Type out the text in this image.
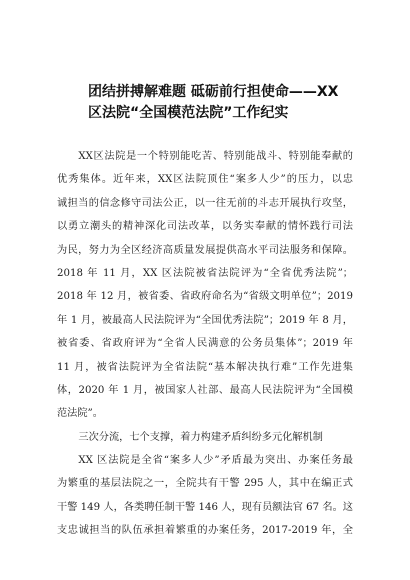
团结拼搏解难题 砥砺前行担使命——XX
区法院“全国模范法院”工作纪实
XX区法院是一个特别能吃苦、特别能战斗、特别能奉献的
优秀集体。近年来，XX区法院顶住“案多人少”的压力，以忠
诚担当的信念修守司法公正，以一往无前的斗志开展执行攻坚，
以勇立潮头的精神深化司法改革，以务实奉献的情怀践行司法
为民，努力为全区经济高质量发展提供高水平司法服务和保障。
2018 年 11 月，XX 区法院被省法院评为“全省优秀法院”；
2018 年 12 月，被省委、省政府命名为“省级文明单位”；2019
年 1 月，被最高人民法院评为“全国优秀法院”；2019 年 8 月，
被省委、省政府评为“全省人民满意的公务员集体”；2019 年
11 月，被省法院评为全省法院“基本解决执行难”工作先进集
体，2020 年 1 月，被国家人社部、最高人民法院评为“全国模
范法院”。
三次分流，七个支撑，着力构建矛盾纠纷多元化解机制
XX 区法院是全省“案多人少”矛盾最为突出、办案任务最
为繁重的基层法院之一，全院共有干警 295 人，其中在编正式
干警 149 人，各类聘任制干警 146 人，现有员额法官 67 名。这
支忠诚担当的队伍承担着繁重的办案任务，2017-2019 年，全
